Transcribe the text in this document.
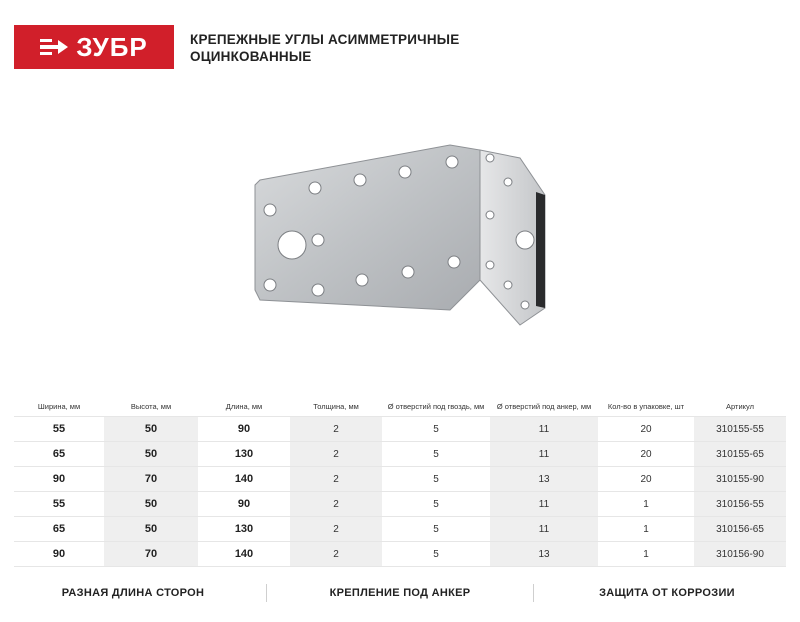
ЗУБР	КРЕПЕЖНЫЕ УГЛЫ АСИММЕТРИЧНЫЕ
ОЦИНКОВАННЫЕ
Ширина, мм	Высота, мм	Длина, мм	Толщина, мм	Ø отверстий под гвоздь, мм	Ø отверстий под анкер, мм	Кол-во в упаковке, шт	Артикул
55	50	90	2	5	11	20	310155-55
65	50	130	2	5	11	20	310155-65
90	70	140	2	5	13	20	310155-90
55	50	90	2	5	11	1	310156-55
65	50	130	2	5	11	1	310156-65
90	70	140	2	5	13	1	310156-90
РАЗНАЯ ДЛИНА СТОРОН	КРЕПЛЕНИЕ ПОД АНКЕР	ЗАЩИТА ОТ КОРРОЗИИ
